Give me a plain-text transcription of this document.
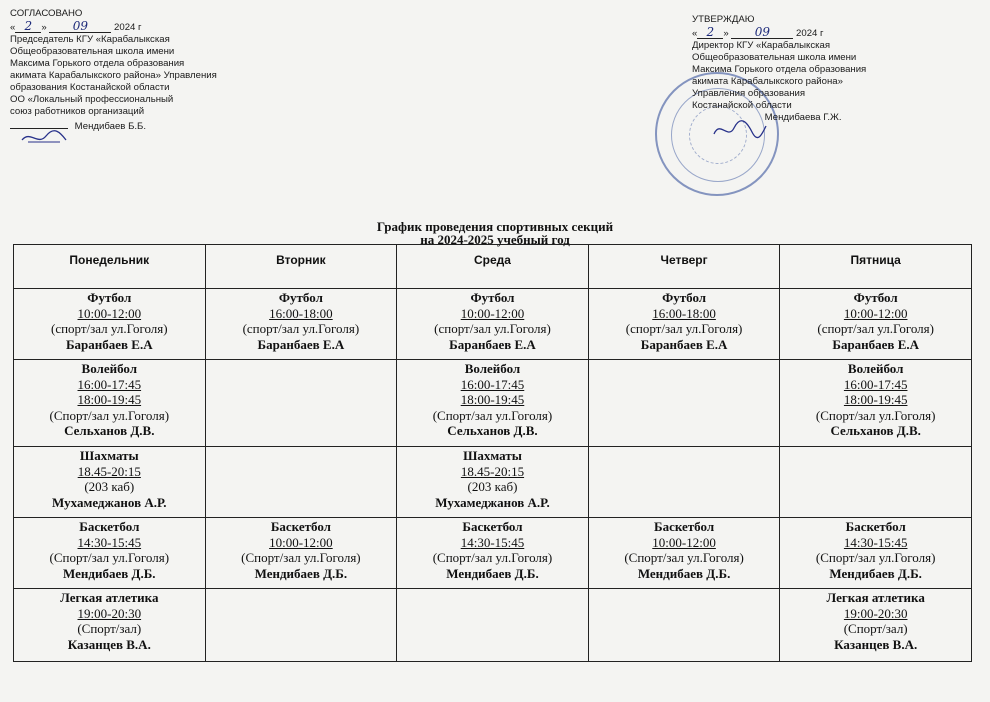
СОГЛАСОВАНО
« 2 » 09	2024 г
Председатель КГУ «Карабалыкская
Общеобразовательная школа имени
Максима Горького отдела образования
акимата Карабалыкского района» Управления
образования Костанайской области
ОО «Локальный профессиональный
союз работников организаций
Мендибаев Б.Б.
УТВЕРЖДАЮ
« 2 » 09	2024 г
Директор КГУ «Карабалыкская
Общеобразовательная школа имени
Максима Горького отдела образования
акимата Карабалыкского района»
Управления образования
Костанайской области
Мендибаева Г.Ж.
График проведения спортивных секций
на 2024-2025 учебный год
Понедельник	Вторник	Среда	Четверг	Пятница

Футбол
10:00-12:00
(спорт/зал ул.Гоголя)
Баранбаев Е.А	Футбол
16:00-18:00
(спорт/зал ул.Гоголя)
Баранбаев Е.А	Футбол
10:00-12:00
(спорт/зал ул.Гоголя)
Баранбаев Е.А	Футбол
16:00-18:00
(спорт/зал ул.Гоголя)
Баранбаев Е.А	Футбол
10:00-12:00
(спорт/зал ул.Гоголя)
Баранбаев Е.А

Волейбол
16:00-17:45
18:00-19:45
(Спорт/зал ул.Гоголя)
Сельханов Д.В.		Волейбол
16:00-17:45
18:00-19:45
(Спорт/зал ул.Гоголя)
Сельханов Д.В.		Волейбол
16:00-17:45
18:00-19:45
(Спорт/зал ул.Гоголя)
Сельханов Д.В.

Шахматы
18.45-20:15
(203 каб)
Мухамеджанов А.Р.		Шахматы
18.45-20:15
(203 каб)
Мухамеджанов А.Р.		

Баскетбол
14:30-15:45
(Спорт/зал ул.Гоголя)
Мендибаев Д.Б.	Баскетбол
10:00-12:00
(Спорт/зал ул.Гоголя)
Мендибаев Д.Б.	Баскетбол
14:30-15:45
(Спорт/зал ул.Гоголя)
Мендибаев Д.Б.	Баскетбол
10:00-12:00
(Спорт/зал ул.Гоголя)
Мендибаев Д.Б.	Баскетбол
14:30-15:45
(Спорт/зал ул.Гоголя)
Мендибаев Д.Б.

Легкая атлетика
19:00-20:30
(Спорт/зал)
Казанцев В.А.				Легкая атлетика
19:00-20:30
(Спорт/зал)
Казанцев В.А.
